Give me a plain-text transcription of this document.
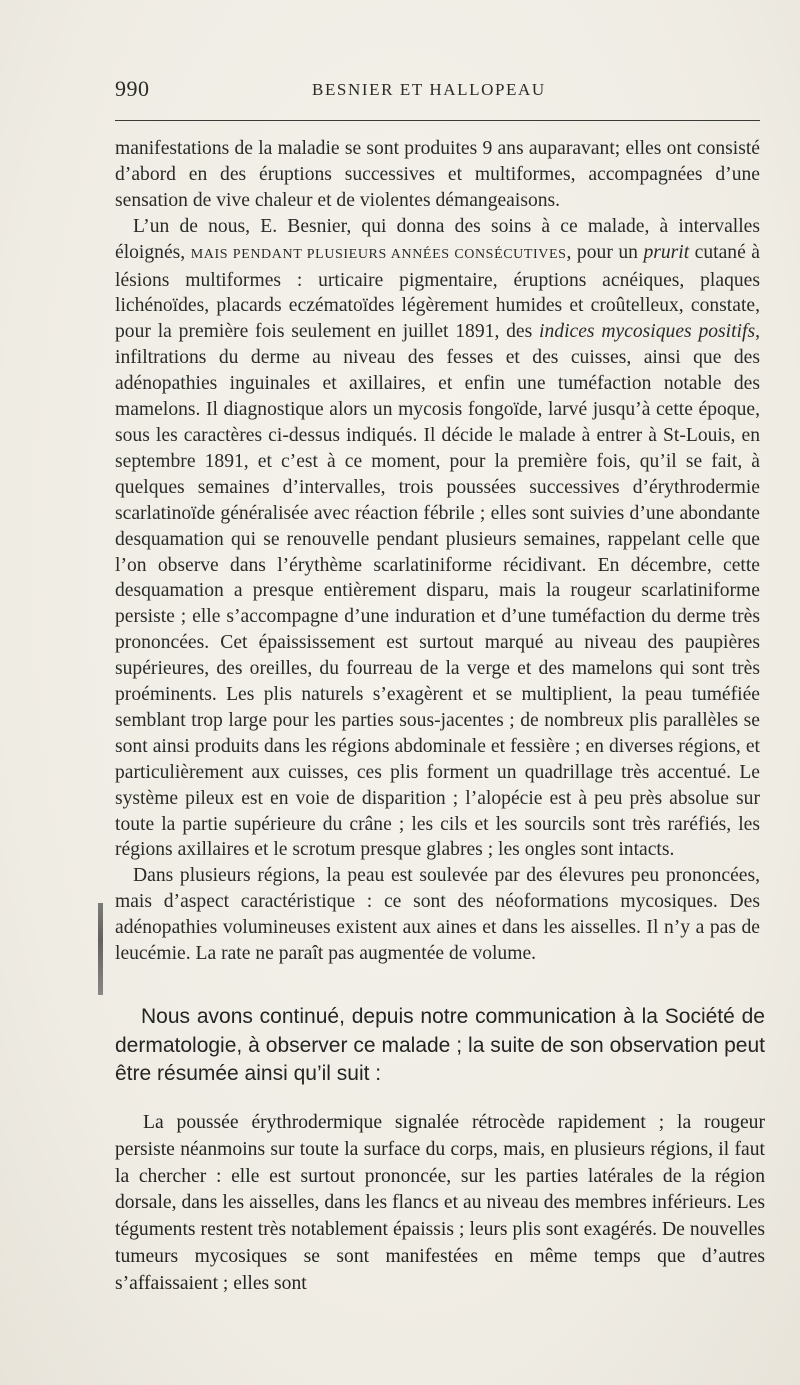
990	BESNIER ET HALLOPEAU

manifestations de la maladie se sont produites 9 ans auparavant; elles ont consisté d’abord en des éruptions successives et multiformes, accompagnées d’une sensation de vive chaleur et de violentes démangeaisons.

L’un de nous, E. Besnier, qui donna des soins à ce malade, à intervalles éloignés, MAIS PENDANT PLUSIEURS ANNÉES CONSÉCUTIVES, pour un prurit cutané à lésions multiformes : urticaire pigmentaire, éruptions acnéiques, plaques lichénoïdes, placards eczématoïdes légèrement humides et croûtelleux, constate, pour la première fois seulement en juillet 1891, des indices mycosiques positifs, infiltrations du derme au niveau des fesses et des cuisses, ainsi que des adénopathies inguinales et axillaires, et enfin une tuméfaction notable des mamelons. Il diagnostique alors un mycosis fongoïde, larvé jusqu’à cette époque, sous les caractères ci-dessus indiqués. Il décide le malade à entrer à St-Louis, en septembre 1891, et c’est à ce moment, pour la première fois, qu’il se fait, à quelques semaines d’intervalles, trois poussées successives d’érythrodermie scarlatinoïde généralisée avec réaction fébrile ; elles sont suivies d’une abondante desquamation qui se renouvelle pendant plusieurs semaines, rappelant celle que l’on observe dans l’érythème scarlatiniforme récidivant. En décembre, cette desquamation a presque entièrement disparu, mais la rougeur scarlatiniforme persiste ; elle s’accompagne d’une induration et d’une tuméfaction du derme très prononcées. Cet épaississement est surtout marqué au niveau des paupières supérieures, des oreilles, du fourreau de la verge et des mamelons qui sont très proéminents. Les plis naturels s’exagèrent et se multiplient, la peau tuméfiée semblant trop large pour les parties sous-jacentes ; de nombreux plis parallèles se sont ainsi produits dans les régions abdominale et fessière ; en diverses régions, et particulièrement aux cuisses, ces plis forment un quadrillage très accentué. Le système pileux est en voie de disparition ; l’alopécie est à peu près absolue sur toute la partie supérieure du crâne ; les cils et les sourcils sont très raréfiés, les régions axillaires et le scrotum presque glabres ; les ongles sont intacts.

Dans plusieurs régions, la peau est soulevée par des élevures peu prononcées, mais d’aspect caractéristique : ce sont des néoformations mycosiques. Des adénopathies volumineuses existent aux aines et dans les aisselles. Il n’y a pas de leucémie. La rate ne paraît pas augmentée de volume.

Nous avons continué, depuis notre communication à la Société de dermatologie, à observer ce malade ; la suite de son observation peut être résumée ainsi qu’il suit :
La poussée érythrodermique signalée rétrocède rapidement ; la rougeur persiste néanmoins sur toute la surface du corps, mais, en plusieurs régions, il faut la chercher : elle est surtout prononcée, sur les parties latérales de la région dorsale, dans les aisselles, dans les flancs et au niveau des membres inférieurs. Les téguments restent très notablement épaissis ; leurs plis sont exagérés. De nouvelles tumeurs mycosiques se sont manifestées en même temps que d’autres s’affaissaient ; elles sont
